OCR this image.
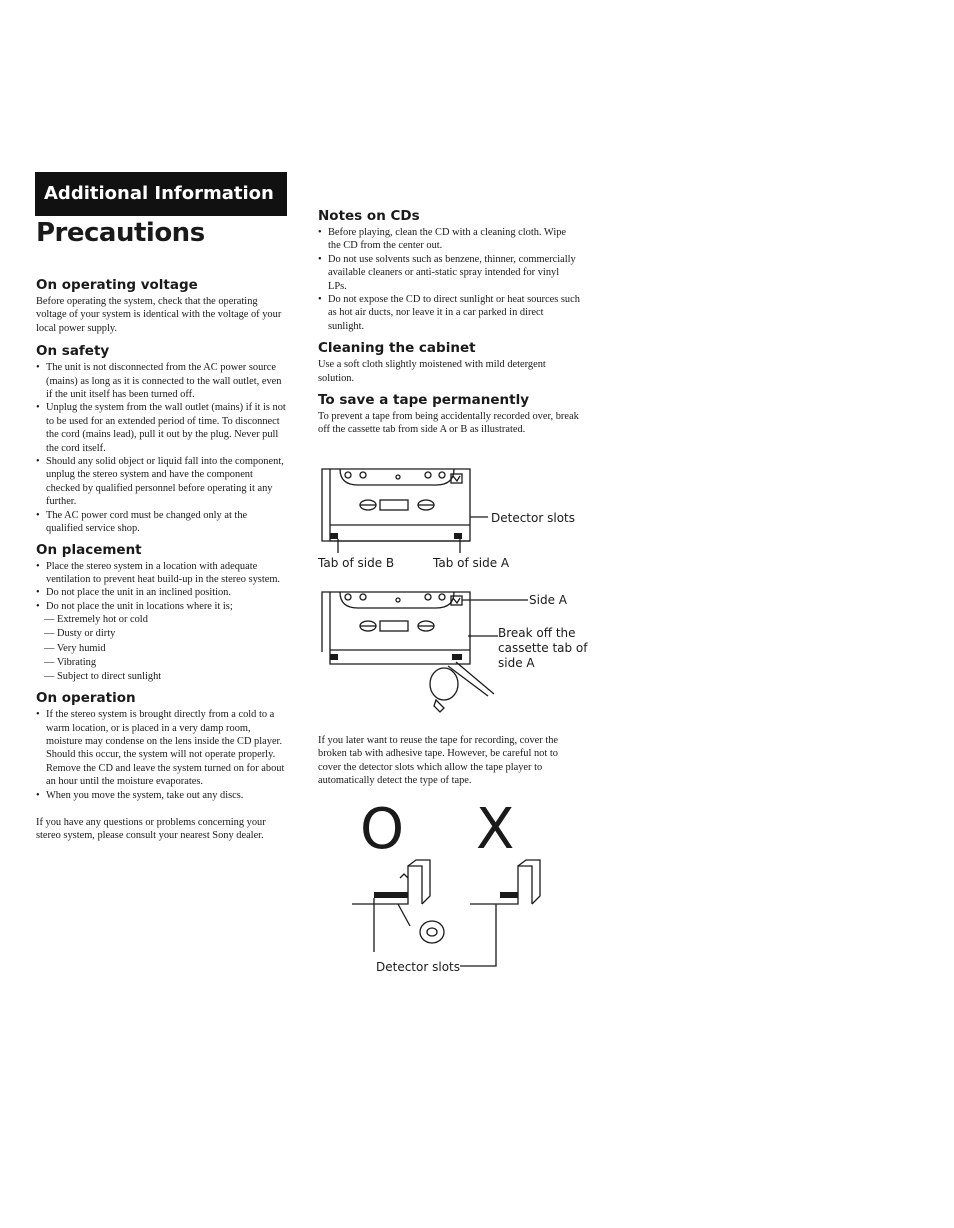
Additional Information
Precautions
On operating voltage

Before operating the system, check that the operating voltage of your system is identical with the voltage of your local power supply.

On safety
• The unit is not disconnected from the AC power source (mains) as long as it is connected to the wall outlet, even if the unit itself has been turned off.
• Unplug the system from the wall outlet (mains) if it is not to be used for an extended period of time. To disconnect the cord (mains lead), pull it out by the plug. Never pull the cord itself.
• Should any solid object or liquid fall into the component, unplug the stereo system and have the component checked by qualified personnel before operating it any further.
• The AC power cord must be changed only at the qualified service shop.
On placement
• Place the stereo system in a location with adequate ventilation to prevent heat build-up in the stereo system.
• Do not place the unit in an inclined position.
• Do not place the unit in locations where it is;
— Extremely hot or cold
— Dusty or dirty
— Very humid
— Vibrating
— Subject to direct sunlight
On operation
• If the stereo system is brought directly from a cold to a warm location, or is placed in a very damp room, moisture may condense on the lens inside the CD player. Should this occur, the system will not operate properly. Remove the CD and leave the system turned on for about an hour until the moisture evaporates.
• When you move the system, take out any discs.

If you have any questions or problems concerning your stereo system, please consult your nearest Sony dealer.

Notes on CDs
• Before playing, clean the CD with a cleaning cloth. Wipe the CD from the center out.
• Do not use solvents such as benzene, thinner, commercially available cleaners or anti-static spray intended for vinyl LPs.
• Do not expose the CD to direct sunlight or heat sources such as hot air ducts, nor leave it in a car parked in direct sunlight.
Cleaning the cabinet

Use a soft cloth slightly moistened with mild detergent solution.

To save a tape permanently

To prevent a tape from being accidentally recorded over, break off the cassette tab from side A or B as illustrated.

Detector slots
Tab of side B	Tab of side A
Side A
Break off the
cassette tab of
side A

If you later want to reuse the tape for recording, cover the broken tab with adhesive tape. However, be careful not to cover the detector slots which allow the tape player to automatically detect the type of tape.

O X
Detector slots
